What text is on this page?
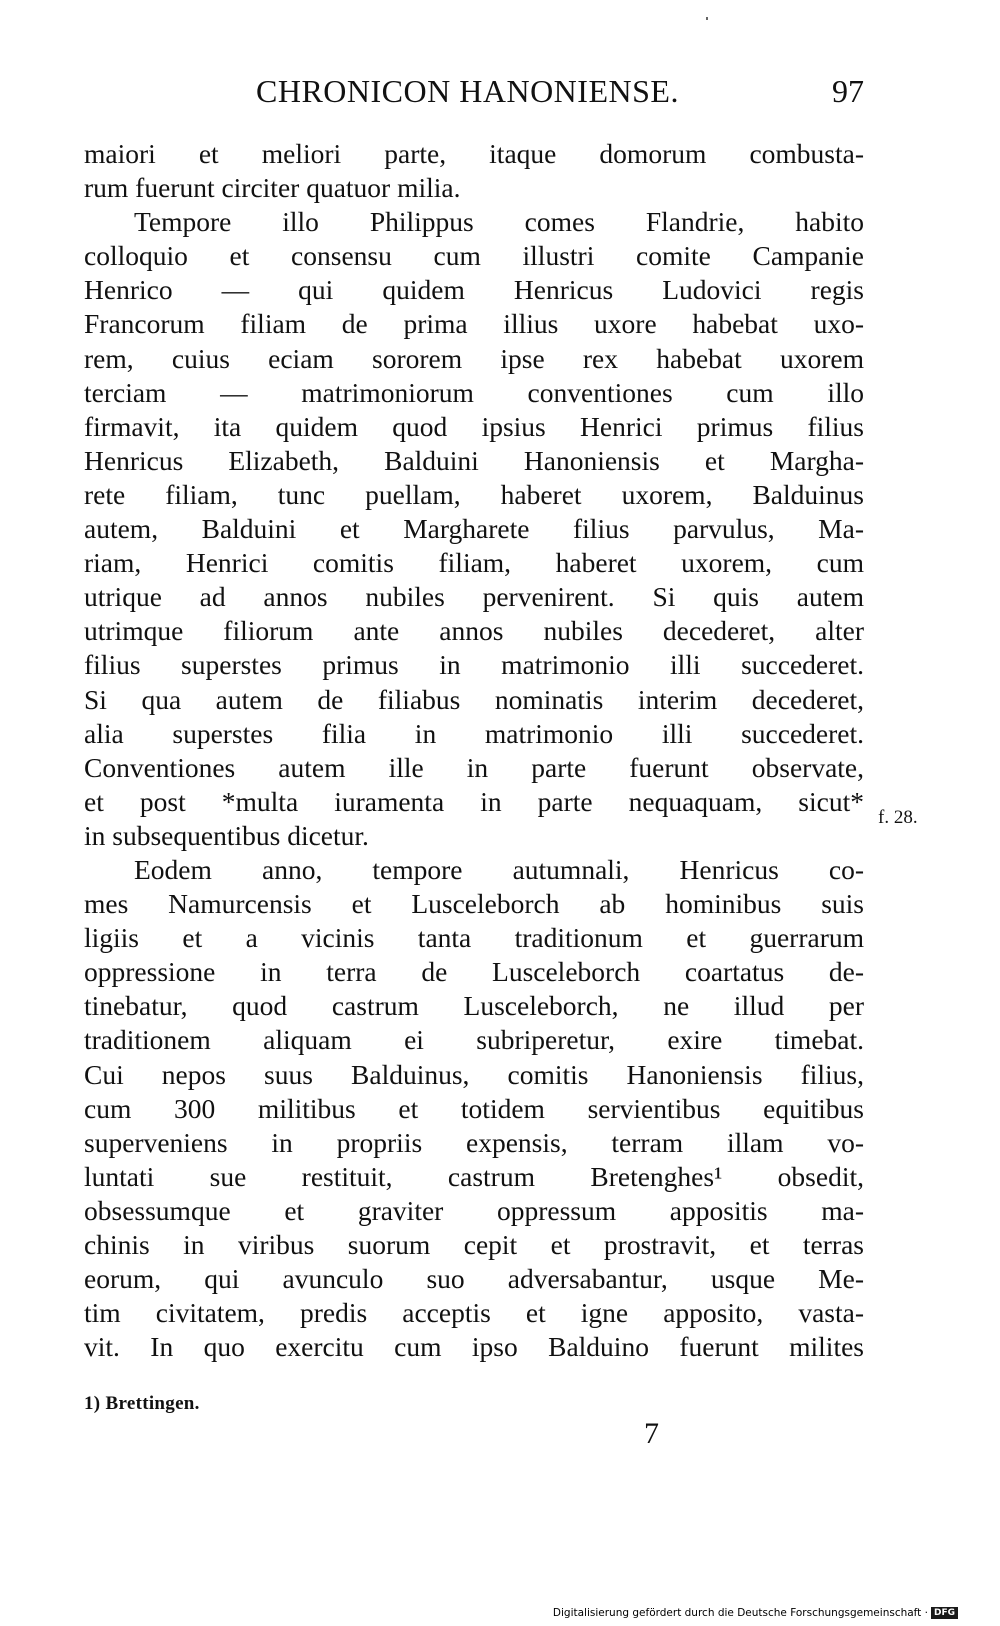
CHRONICON HANONIENSE.	97
maiori et meliori parte, itaque domorum combusta-
rum fuerunt circiter quatuor milia.
Tempore illo Philippus comes Flandrie, habito
colloquio et consensu cum illustri comite Campanie
Henrico — qui quidem Henricus Ludovici regis
Francorum filiam de prima illius uxore habebat uxo-
rem, cuius eciam sororem ipse rex habebat uxorem
terciam — matrimoniorum conventiones cum illo
firmavit, ita quidem quod ipsius Henrici primus filius
Henricus Elizabeth, Balduini Hanoniensis et Margha-
rete filiam, tunc puellam, haberet uxorem, Balduinus
autem, Balduini et Margharete filius parvulus, Ma-
riam, Henrici comitis filiam, haberet uxorem, cum
utrique ad annos nubiles pervenirent. Si quis autem
utrimque filiorum ante annos nubiles decederet, alter
filius superstes primus in matrimonio illi succederet.
Si qua autem de filiabus nominatis interim decederet,
alia superstes filia in matrimonio illi succederet.
Conventiones autem ille in parte fuerunt observate,
et post *multa iuramenta in parte nequaquam, sicut*
in subsequentibus dicetur.
Eodem anno, tempore autumnali, Henricus co-
mes Namurcensis et Lusceleborch ab hominibus suis
ligiis et a vicinis tanta traditionum et guerrarum
oppressione in terra de Lusceleborch coartatus de-
tinebatur, quod castrum Lusceleborch, ne illud per
traditionem aliquam ei subriperetur, exire timebat.
Cui nepos suus Balduinus, comitis Hanoniensis filius,
cum 300 militibus et totidem servientibus equitibus
superveniens in propriis expensis, terram illam vo-
luntati sue restituit, castrum Bretenghes¹ obsedit,
obsessumque et graviter oppressum appositis ma-
chinis in viribus suorum cepit et prostravit, et terras
eorum, qui avunculo suo adversabantur, usque Me-
tim civitatem, predis acceptis et igne apposito, vasta-
vit. In quo exercitu cum ipso Balduino fuerunt milites
f. 28.
1) Brettingen.
7
Digitalisierung gefördert durch die Deutsche Forschungsgemeinschaft · DFG
